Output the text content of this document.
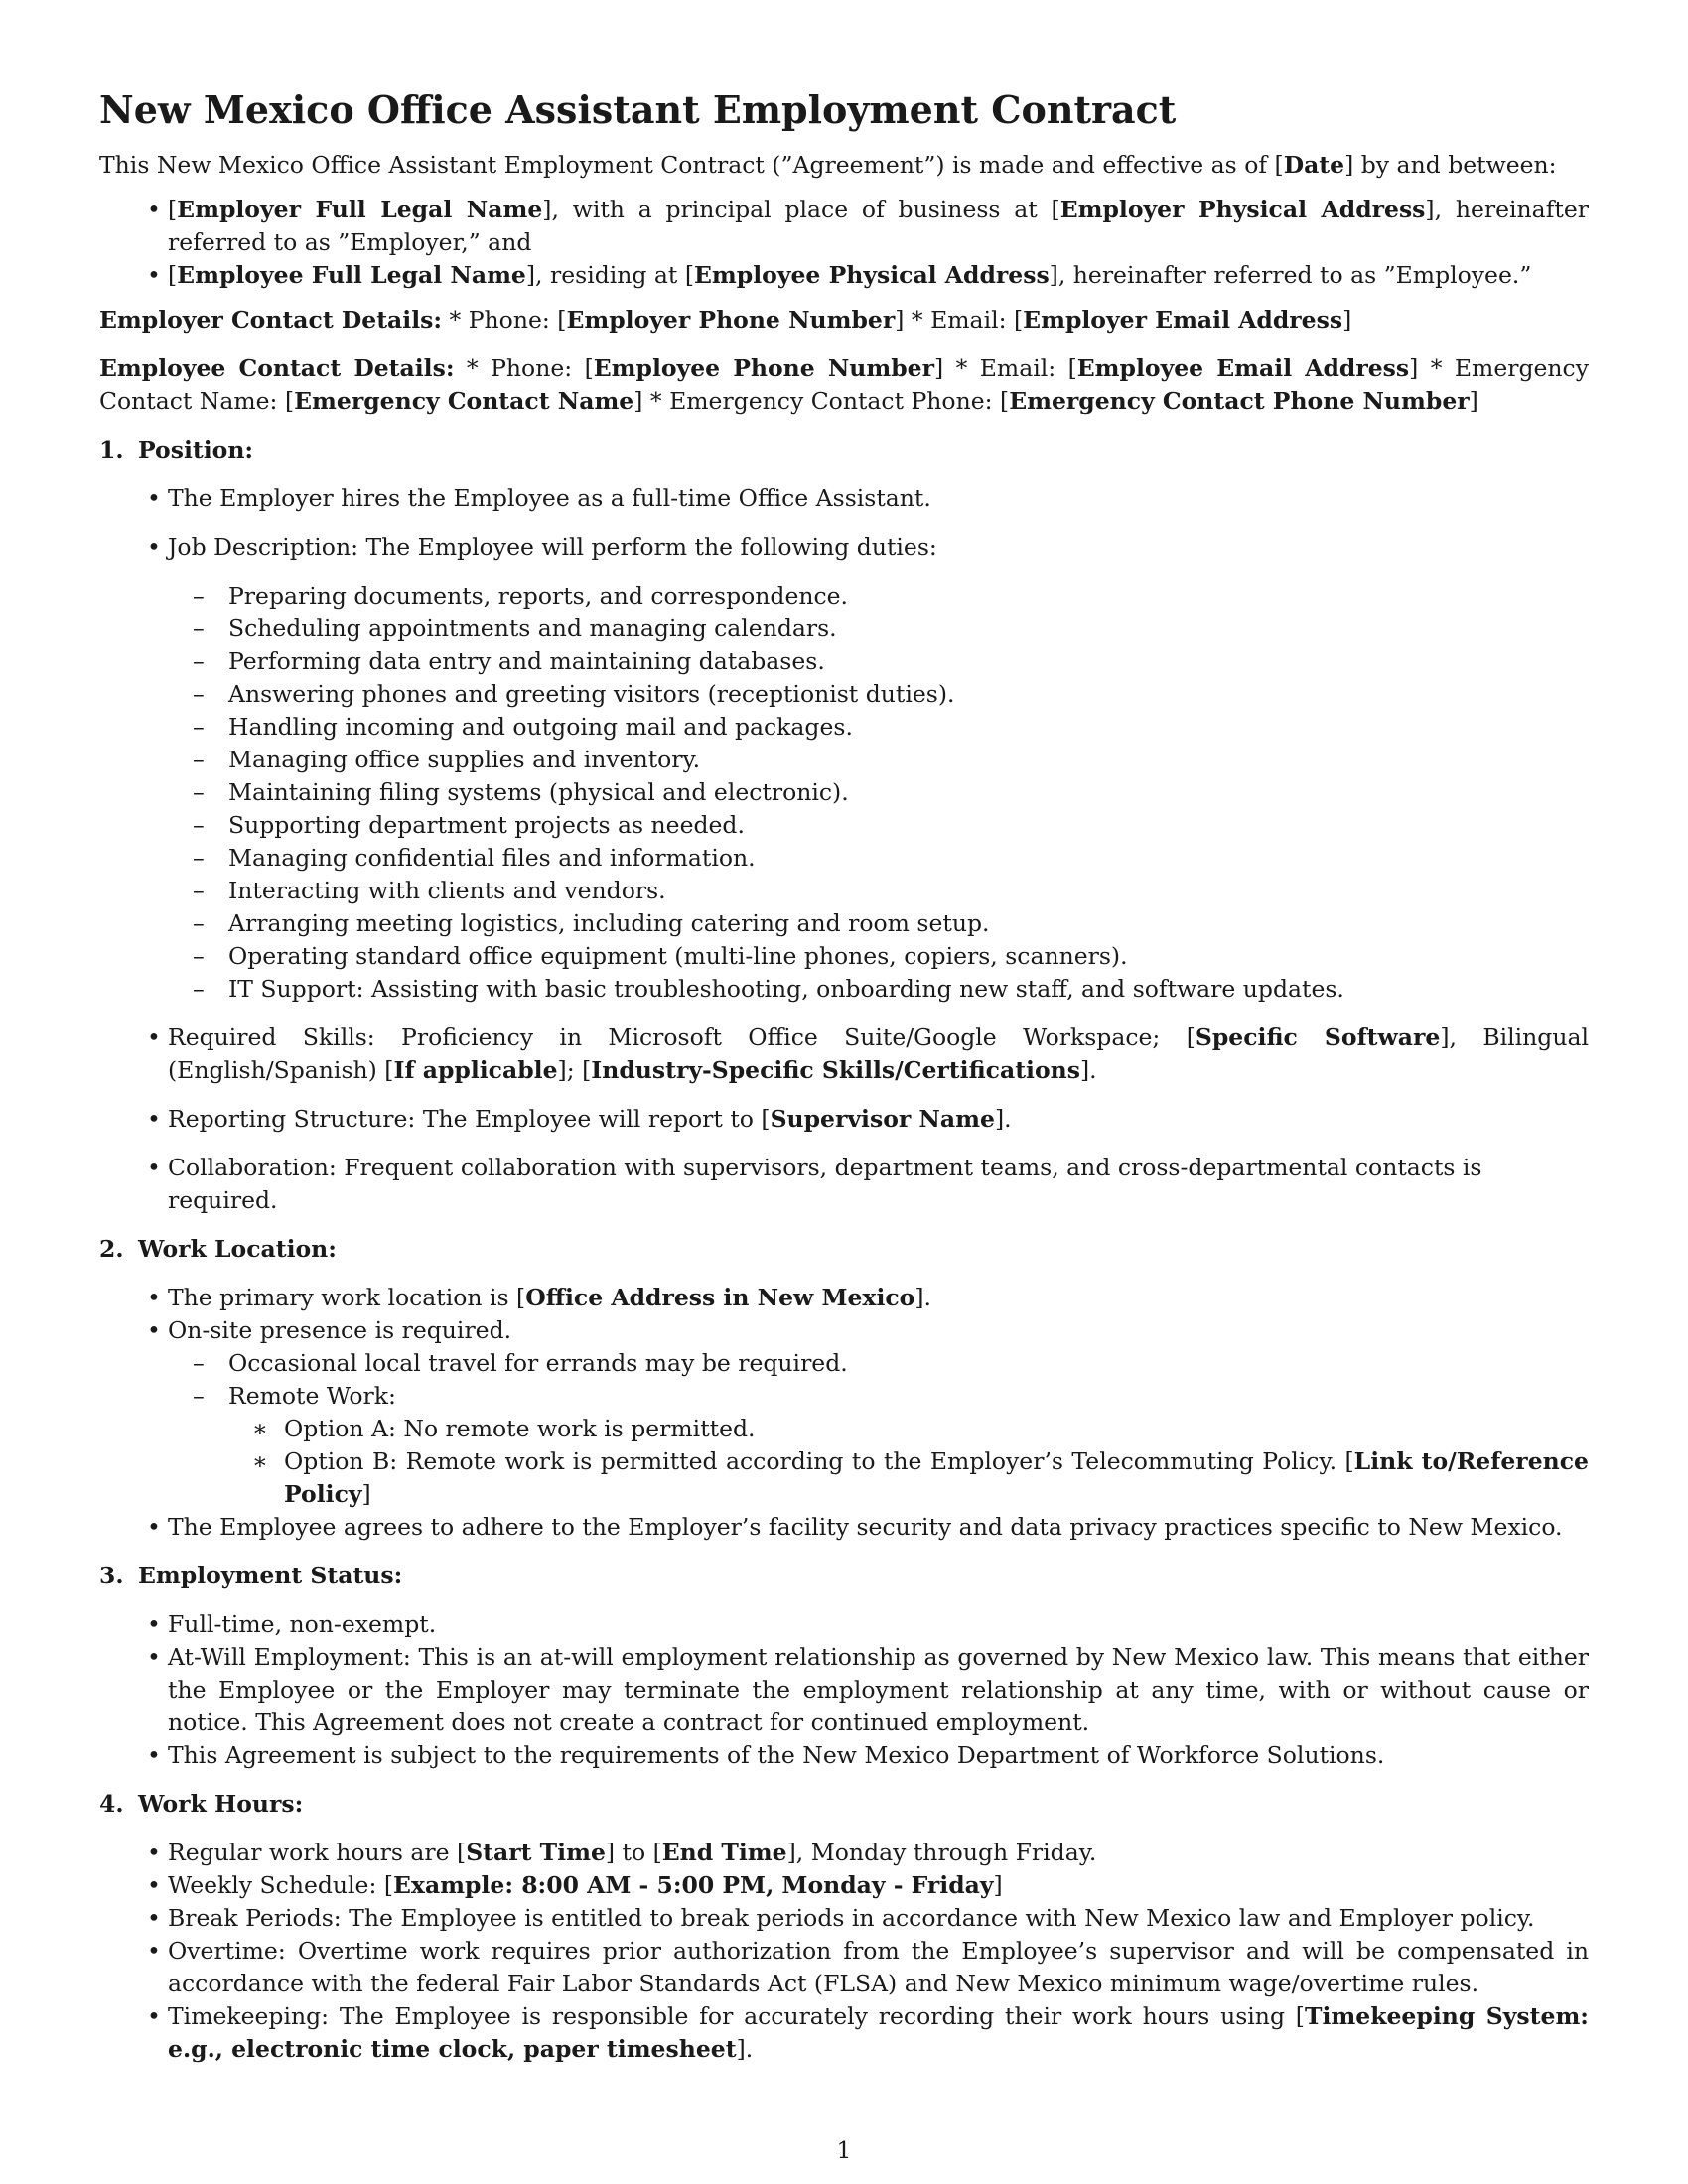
New Mexico Office Assistant Employment Contract

This New Mexico Office Assistant Employment Contract (”Agreement”) is made and effective as of [Date] by and between:

• [Employer Full Legal Name], with a principal place of business at [Employer Physical Address], hereinafter referred to as ”Employer,” and
• [Employee Full Legal Name], residing at [Employee Physical Address], hereinafter referred to as ”Employee.”

Employer Contact Details: * Phone: [Employer Phone Number] * Email: [Employer Email Address]

Employee Contact Details: * Phone: [Employee Phone Number] * Email: [Employee Email Address] * Emergency Contact Name: [Emergency Contact Name] * Emergency Contact Phone: [Emergency Contact Phone Number]

1. Position:
• The Employer hires the Employee as a full-time Office Assistant.
• Job Description: The Employee will perform the following duties:
– Preparing documents, reports, and correspondence.
– Scheduling appointments and managing calendars.
– Performing data entry and maintaining databases.
– Answering phones and greeting visitors (receptionist duties).
– Handling incoming and outgoing mail and packages.
– Managing office supplies and inventory.
– Maintaining filing systems (physical and electronic).
– Supporting department projects as needed.
– Managing confidential files and information.
– Interacting with clients and vendors.
– Arranging meeting logistics, including catering and room setup.
– Operating standard office equipment (multi-line phones, copiers, scanners).
– IT Support: Assisting with basic troubleshooting, onboarding new staff, and software updates.
• Required Skills: Proficiency in Microsoft Office Suite/Google Workspace; [Specific Software], Bilingual (English/Spanish) [If applicable]; [Industry-Specific Skills/Certifications].
• Reporting Structure: The Employee will report to [Supervisor Name].
• Collaboration: Frequent collaboration with supervisors, department teams, and cross-departmental contacts is required.
2. Work Location:
• The primary work location is [Office Address in New Mexico].
• On-site presence is required.
– Occasional local travel for errands may be required.
– Remote Work:
∗ Option A: No remote work is permitted.
∗ Option B: Remote work is permitted according to the Employer’s Telecommuting Policy. [Link to/Reference Policy]
• The Employee agrees to adhere to the Employer’s facility security and data privacy practices specific to New Mexico.
3. Employment Status:
• Full-time, non-exempt.
• At-Will Employment: This is an at-will employment relationship as governed by New Mexico law. This means that either the Employee or the Employer may terminate the employment relationship at any time, with or without cause or notice. This Agreement does not create a contract for continued employment.
• This Agreement is subject to the requirements of the New Mexico Department of Workforce Solutions.
4. Work Hours:
• Regular work hours are [Start Time] to [End Time], Monday through Friday.
• Weekly Schedule: [Example: 8:00 AM - 5:00 PM, Monday - Friday]
• Break Periods: The Employee is entitled to break periods in accordance with New Mexico law and Employer policy.
• Overtime: Overtime work requires prior authorization from the Employee’s supervisor and will be compensated in accordance with the federal Fair Labor Standards Act (FLSA) and New Mexico minimum wage/overtime rules.
• Timekeeping: The Employee is responsible for accurately recording their work hours using [Timekeeping System: e.g., electronic time clock, paper timesheet].
1
